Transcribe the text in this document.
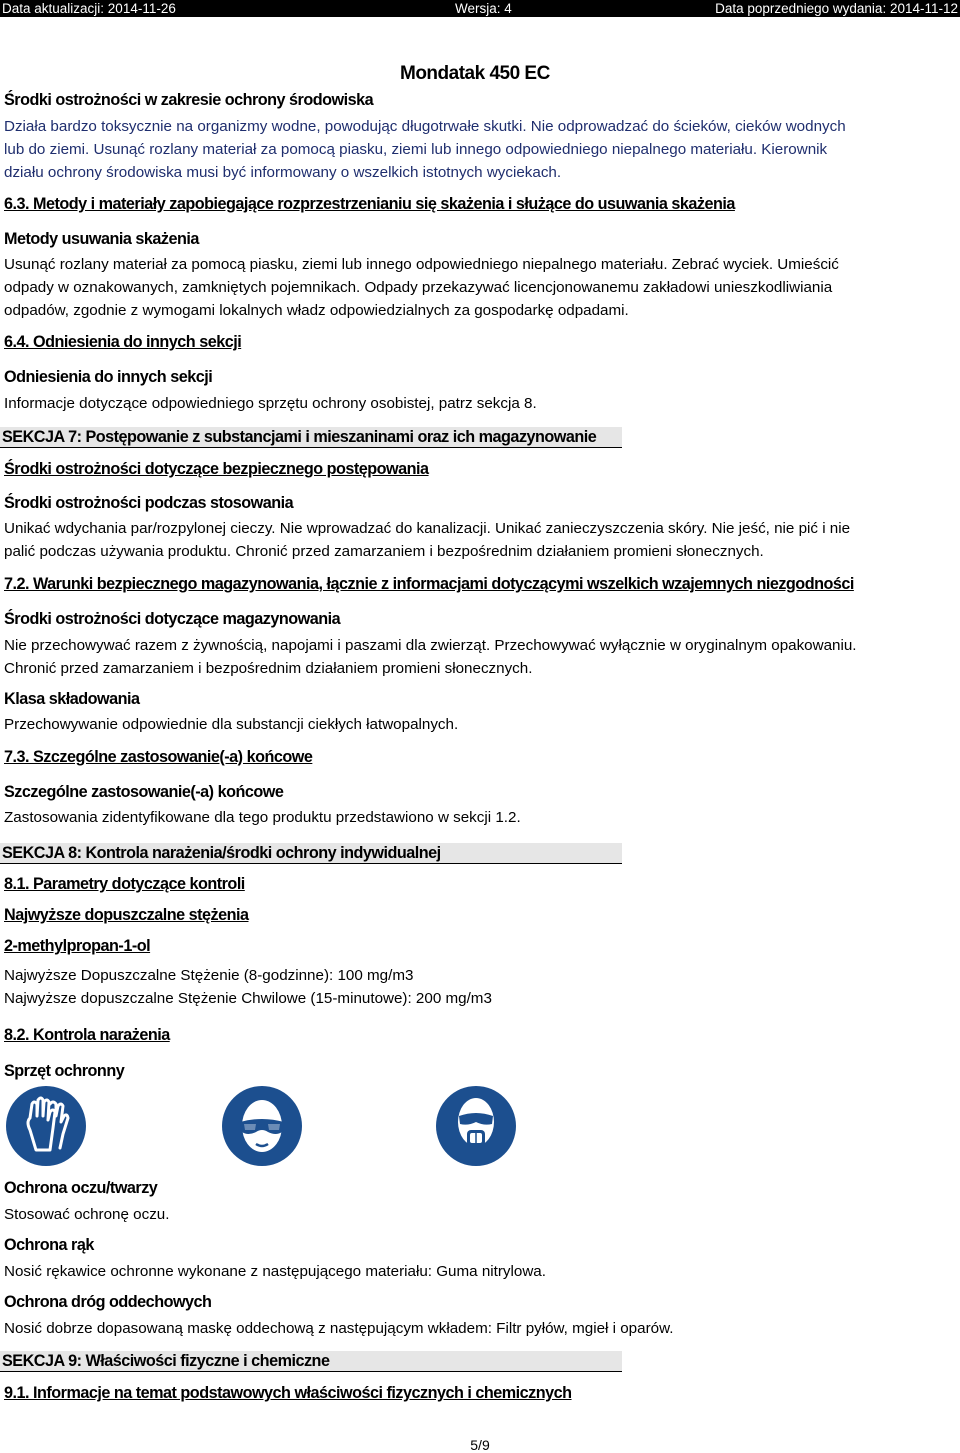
Data aktualizacji: 2014-11-26	Wersja: 4	Data poprzedniego wydania: 2014-11-12
Mondatak 450 EC
Środki ostrożności w zakresie ochrony środowiska
Działa bardzo toksycznie na organizmy wodne, powodując długotrwałe skutki. Nie odprowadzać do ścieków, cieków wodnych
lub do ziemi. Usunąć rozlany materiał za pomocą piasku, ziemi lub innego odpowiedniego niepalnego materiału. Kierownik
działu ochrony środowiska musi być informowany o wszelkich istotnych wyciekach.
6.3. Metody i materiały zapobiegające rozprzestrzenianiu się skażenia i służące do usuwania skażenia
Metody usuwania skażenia
Usunąć rozlany materiał za pomocą piasku, ziemi lub innego odpowiedniego niepalnego materiału. Zebrać wyciek. Umieścić
odpady w oznakowanych, zamkniętych pojemnikach. Odpady przekazywać licencjonowanemu zakładowi unieszkodliwiania
odpadów, zgodnie z wymogami lokalnych władz odpowiedzialnych za gospodarkę odpadami.
6.4. Odniesienia do innych sekcji
Odniesienia do innych sekcji
Informacje dotyczące odpowiedniego sprzętu ochrony osobistej, patrz sekcja 8.
SEKCJA 7: Postępowanie z substancjami i mieszaninami oraz ich magazynowanie
Środki ostrożności dotyczące bezpiecznego postępowania
Środki ostrożności podczas stosowania
Unikać wdychania par/rozpylonej cieczy. Nie wprowadzać do kanalizacji. Unikać zanieczyszczenia skóry. Nie jeść, nie pić i nie
palić podczas używania produktu. Chronić przed zamarzaniem i bezpośrednim działaniem promieni słonecznych.
7.2. Warunki bezpiecznego magazynowania, łącznie z informacjami dotyczącymi wszelkich wzajemnych niezgodności
Środki ostrożności dotyczące magazynowania
Nie przechowywać razem z żywnością, napojami i paszami dla zwierząt. Przechowywać wyłącznie w oryginalnym opakowaniu.
Chronić przed zamarzaniem i bezpośrednim działaniem promieni słonecznych.
Klasa składowania
Przechowywanie odpowiednie dla substancji ciekłych łatwopalnych.
7.3. Szczególne zastosowanie(-a) końcowe
Szczególne zastosowanie(-a) końcowe
Zastosowania zidentyfikowane dla tego produktu przedstawiono w sekcji 1.2.
SEKCJA 8: Kontrola narażenia/środki ochrony indywidualnej
8.1. Parametry dotyczące kontroli
Najwyższe dopuszczalne stężenia
2-methylpropan-1-ol
Najwyższe Dopuszczalne Stężenie (8-godzinne): 100 mg/m3
Najwyższe dopuszczalne Stężenie Chwilowe (15-minutowe): 200 mg/m3
8.2. Kontrola narażenia
Sprzęt ochronny
Ochrona oczu/twarzy
Stosować ochronę oczu.
Ochrona rąk
Nosić rękawice ochronne wykonane z następującego materiału: Guma nitrylowa.
Ochrona dróg oddechowych
Nosić dobrze dopasowaną maskę oddechową z następującym wkładem: Filtr pyłów, mgieł i oparów.
SEKCJA 9: Właściwości fizyczne i chemiczne
9.1. Informacje na temat podstawowych właściwości fizycznych i chemicznych
5/9
